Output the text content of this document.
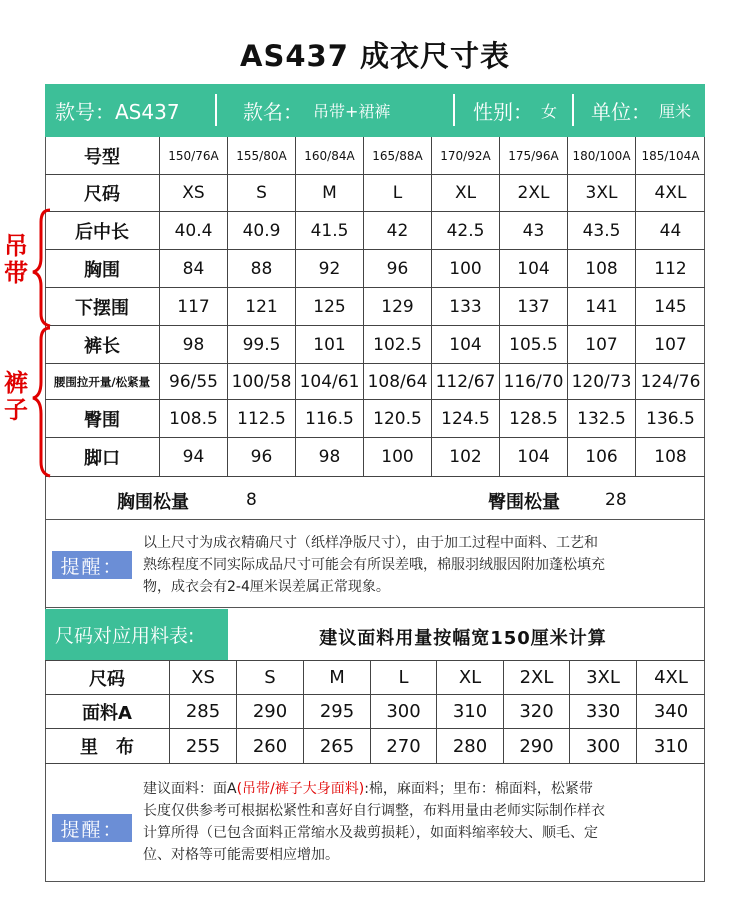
AS437 成衣尺寸表
款号：AS437	款名： 吊带+裙裤	性别： 女 单位： 厘米
号型	150/76A	155/80A	160/84A	165/88A	170/92A	175/96A	180/100A 185/104A
尺码	XS	S	M	L	XL	2XL	3XL	4XL
后中长	40.4	40.9	41.5	42	42.5	43	43.5	44
胸围	84	88	92	96	100	104	108	112
下摆围	117	121	125	129	133	137	141	145
裤长	98	99.5	101	102.5	104	105.5	107	107
腰围拉开量/松紧量	96/55 100/58 104/61 108/64 112/67 116/70 120/73 124/76
臀围	108.5	112.5	116.5	120.5	124.5	128.5	132.5	136.5
脚口	94	96	98	100	102	104	106	108
吊带
裤子
胸围松量	8	臀围松量	28
提醒：
以上尺寸为成衣精确尺寸（纸样净版尺寸），由于加工过程中面料、工艺和
熟练程度不同实际成品尺寸可能会有所误差哦，棉服羽绒服因附加蓬松填充
物，成衣会有2-4厘米误差属正常现象。
尺码对应用料表:	建议面料用量按幅宽150厘米计算
尺码	XS	S	M	L	XL	2XL	3XL	4XL
面料A	285	290	295	300	310	320	330	340
里　布	255	260	265	270	280	290	300	310
提醒：
建议面料：面A(吊带/裤子大身面料):棉，麻面料；里布：棉面料，松紧带
长度仅供参考可根据松紧性和喜好自行调整，布料用量由老师实际制作样衣
计算所得（已包含面料正常缩水及裁剪损耗），如面料缩率较大、顺毛、定
位、对格等可能需要相应增加。
